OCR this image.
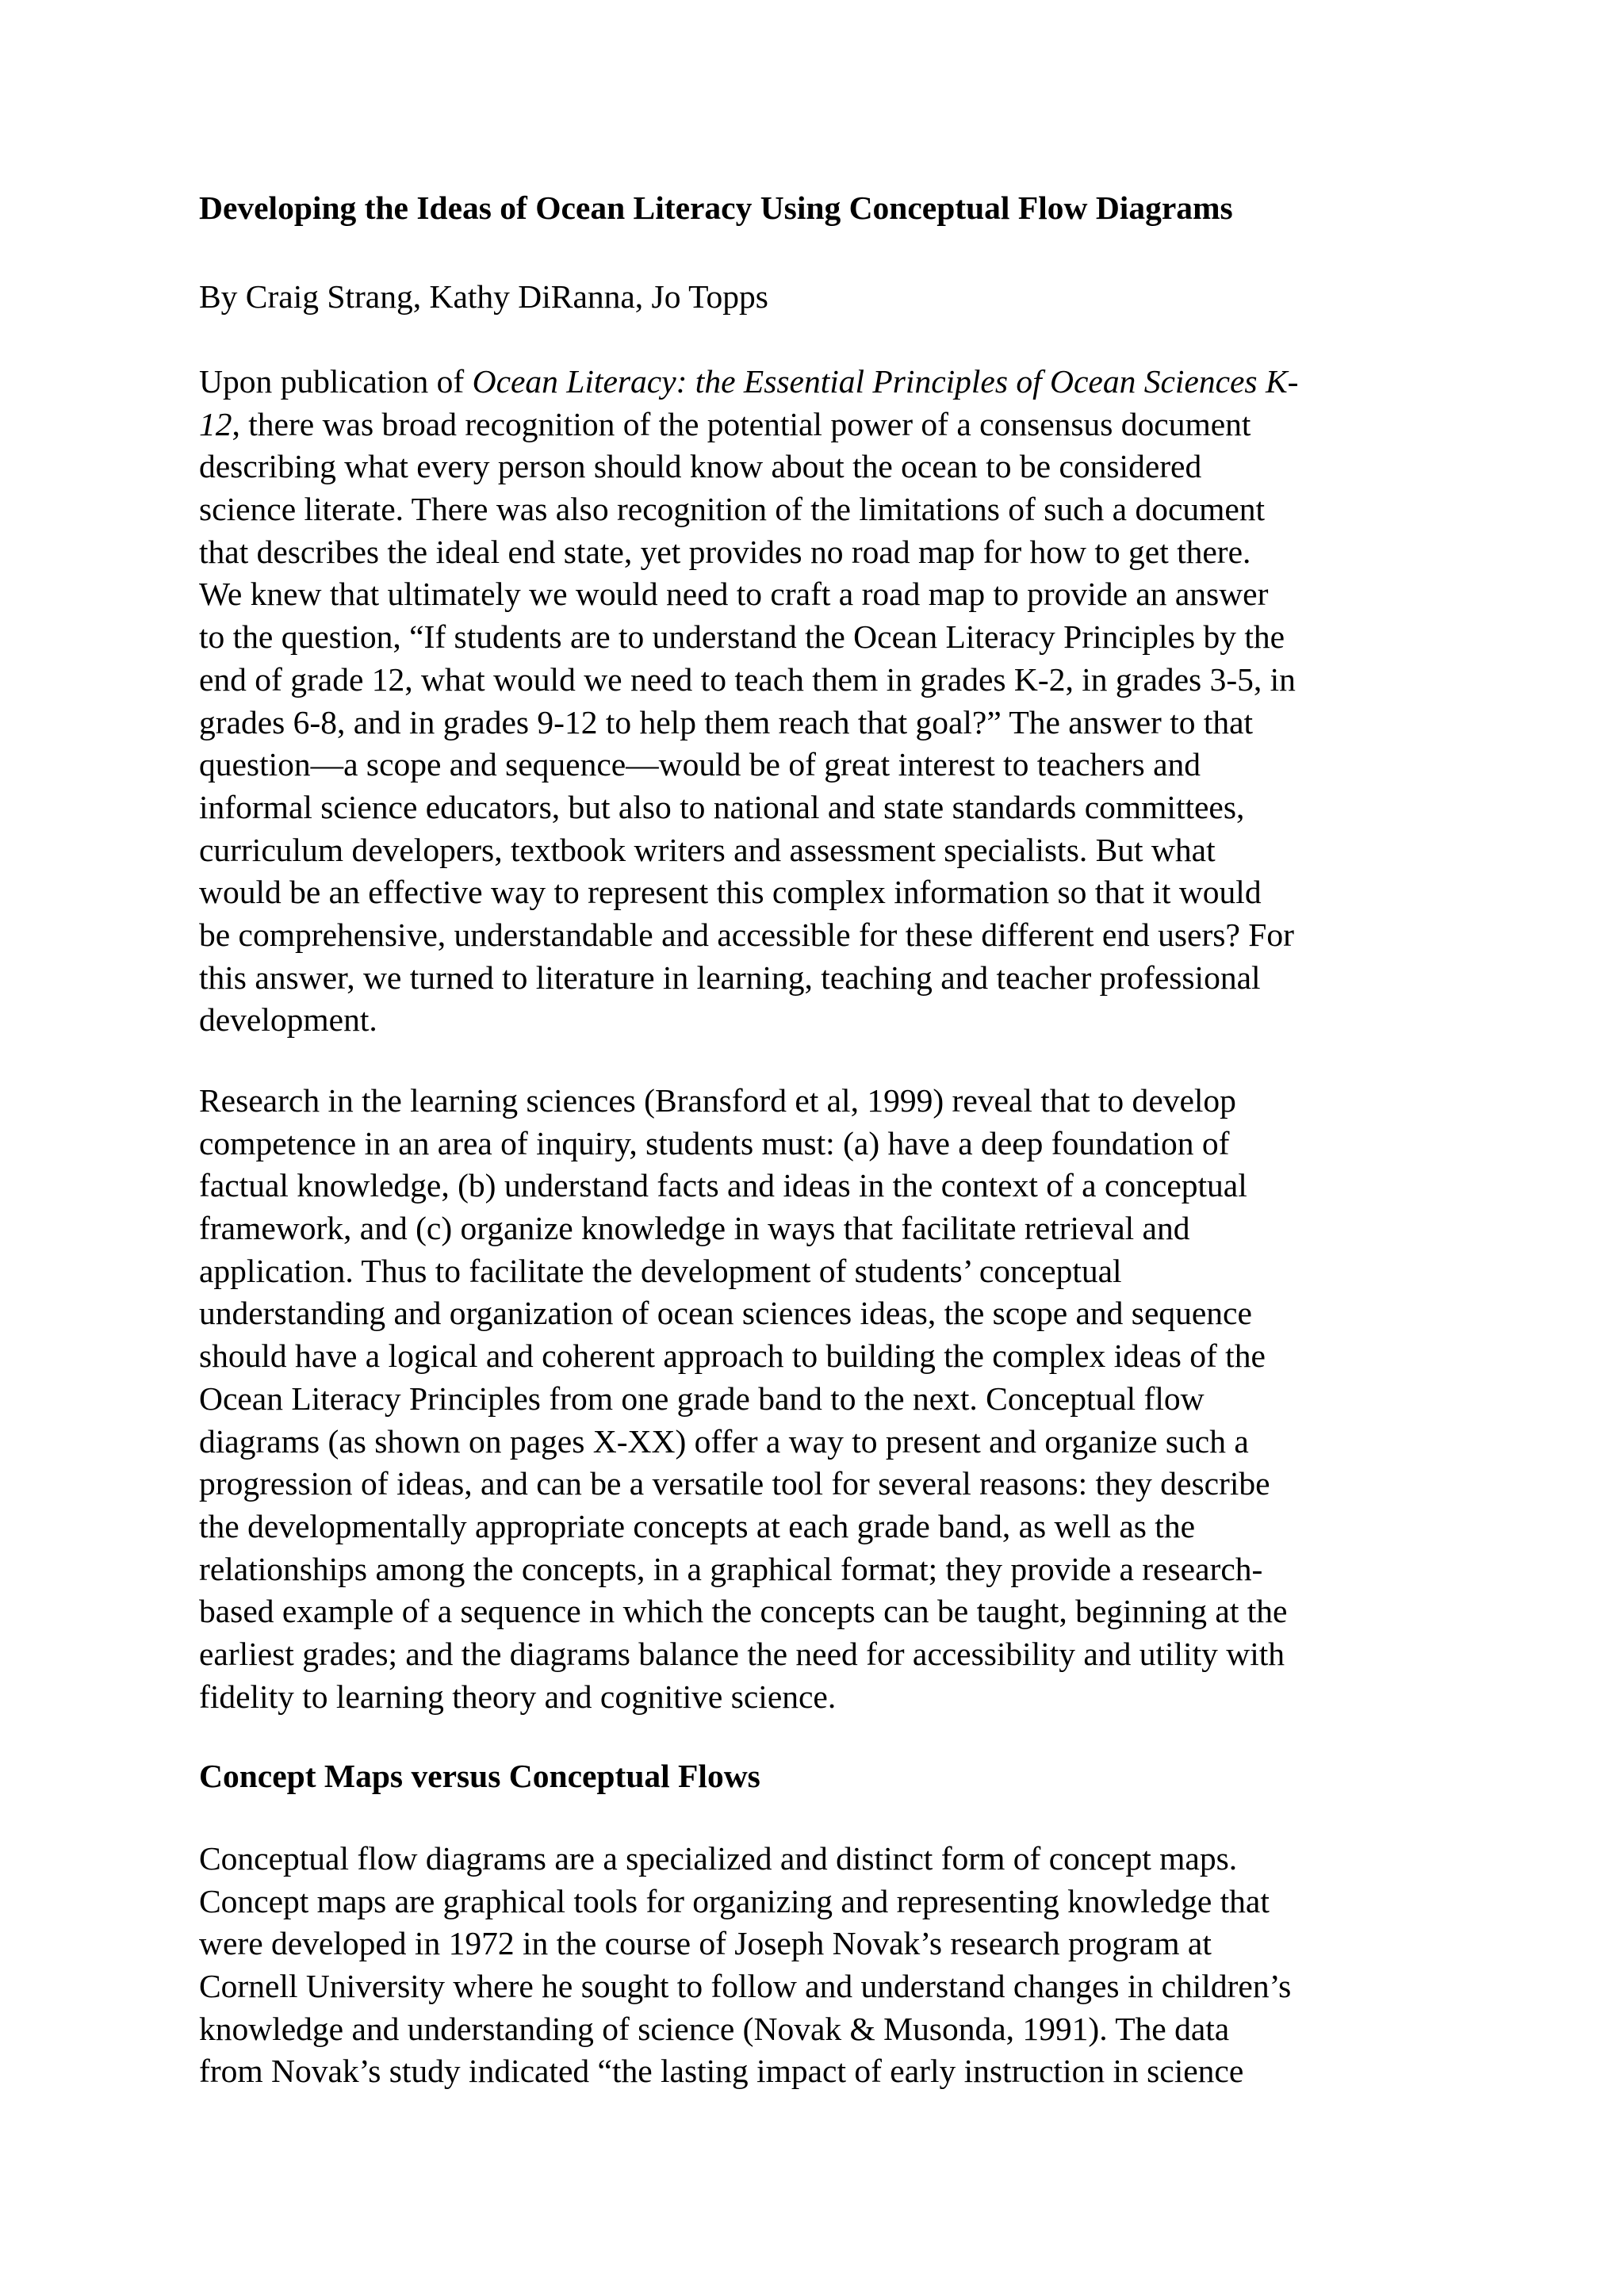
Developing the Ideas of Ocean Literacy Using Conceptual Flow Diagrams

By Craig Strang, Kathy DiRanna, Jo Topps

Upon publication of Ocean Literacy: the Essential Principles of Ocean Sciences K-
12, there was broad recognition of the potential power of a consensus document
describing what every person should know about the ocean to be considered
science literate. There was also recognition of the limitations of such a document
that describes the ideal end state, yet provides no road map for how to get there.
We knew that ultimately we would need to craft a road map to provide an answer
to the question, “If students are to understand the Ocean Literacy Principles by the
end of grade 12, what would we need to teach them in grades K-2, in grades 3-5, in
grades 6-8, and in grades 9-12 to help them reach that goal?” The answer to that
question—a scope and sequence—would be of great interest to teachers and
informal science educators, but also to national and state standards committees,
curriculum developers, textbook writers and assessment specialists. But what
would be an effective way to represent this complex information so that it would
be comprehensive, understandable and accessible for these different end users? For
this answer, we turned to literature in learning, teaching and teacher professional
development.
Research in the learning sciences (Bransford et al, 1999) reveal that to develop
competence in an area of inquiry, students must: (a) have a deep foundation of
factual knowledge, (b) understand facts and ideas in the context of a conceptual
framework, and (c) organize knowledge in ways that facilitate retrieval and
application. Thus to facilitate the development of students’ conceptual
understanding and organization of ocean sciences ideas, the scope and sequence
should have a logical and coherent approach to building the complex ideas of the
Ocean Literacy Principles from one grade band to the next. Conceptual flow
diagrams (as shown on pages X-XX) offer a way to present and organize such a
progression of ideas, and can be a versatile tool for several reasons: they describe
the developmentally appropriate concepts at each grade band, as well as the
relationships among the concepts, in a graphical format; they provide a research-
based example of a sequence in which the concepts can be taught, beginning at the
earliest grades; and the diagrams balance the need for accessibility and utility with
fidelity to learning theory and cognitive science.
Concept Maps versus Conceptual Flows
Conceptual flow diagrams are a specialized and distinct form of concept maps.
Concept maps are graphical tools for organizing and representing knowledge that
were developed in 1972 in the course of Joseph Novak’s research program at
Cornell University where he sought to follow and understand changes in children’s
knowledge and understanding of science (Novak & Musonda, 1991). The data
from Novak’s study indicated “the lasting impact of early instruction in science
